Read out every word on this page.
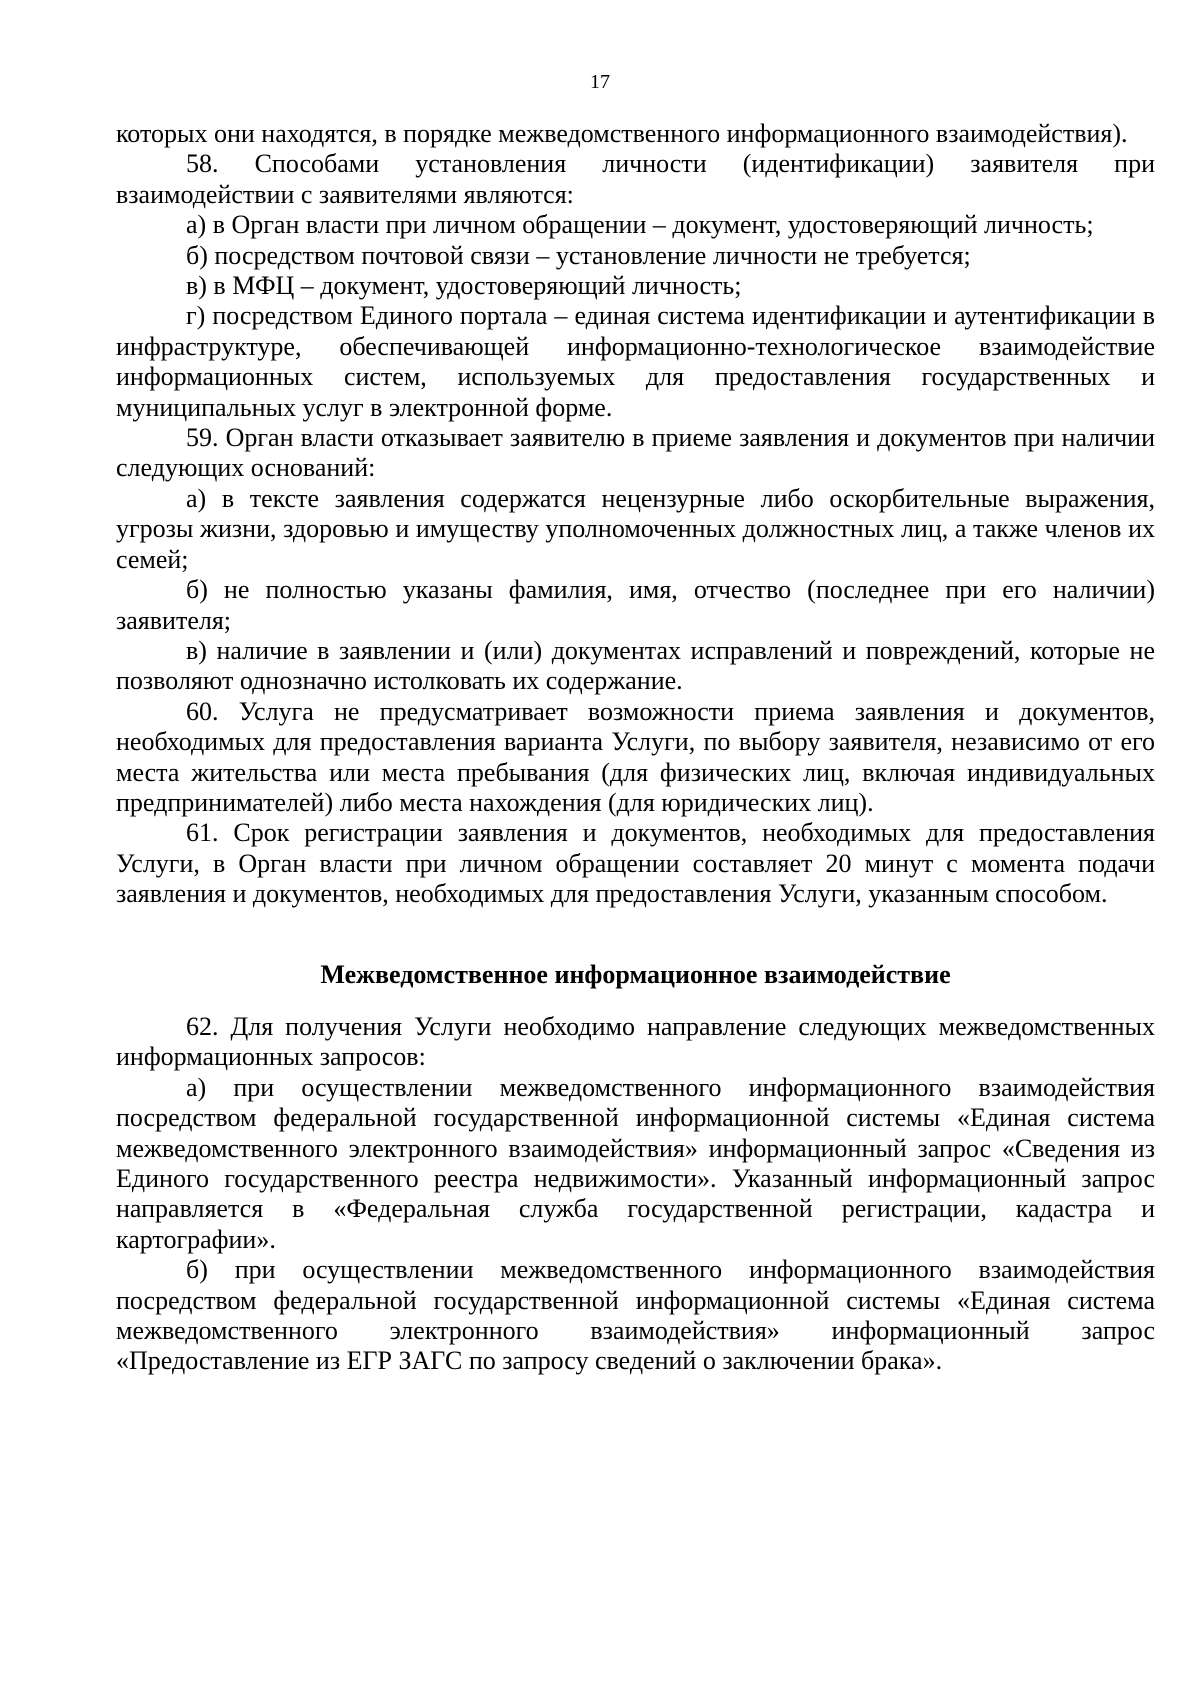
17

которых они находятся, в порядке межведомственного информационного взаимодействия).

58. Способами установления личности (идентификации) заявителя при взаимодействии с заявителями являются:

а) в Орган власти при личном обращении – документ, удостоверяющий личность;

б) посредством почтовой связи – установление личности не требуется;

в) в МФЦ – документ, удостоверяющий личность;

г) посредством Единого портала – единая система идентификации и аутентификации в инфраструктуре, обеспечивающей информационно-технологическое взаимодействие информационных систем, используемых для предоставления государственных и муниципальных услуг в электронной форме.

59. Орган власти отказывает заявителю в приеме заявления и документов при наличии следующих оснований:

а) в тексте заявления содержатся нецензурные либо оскорбительные выражения, угрозы жизни, здоровью и имуществу уполномоченных должностных лиц, а также членов их семей;

б) не полностью указаны фамилия, имя, отчество (последнее при его наличии) заявителя;

в) наличие в заявлении и (или) документах исправлений и повреждений, которые не позволяют однозначно истолковать их содержание.

60. Услуга не предусматривает возможности приема заявления и документов, необходимых для предоставления варианта Услуги, по выбору заявителя, независимо от его места жительства или места пребывания (для физических лиц, включая индивидуальных предпринимателей) либо места нахождения (для юридических лиц).

61. Срок регистрации заявления и документов, необходимых для предоставления Услуги, в Орган власти при личном обращении составляет 20 минут с момента подачи заявления и документов, необходимых для предоставления Услуги, указанным способом.

Межведомственное информационное взаимодействие

62. Для получения Услуги необходимо направление следующих межведомственных информационных запросов:

а) при осуществлении межведомственного информационного взаимодействия посредством федеральной государственной информационной системы «Единая система межведомственного электронного взаимодействия» информационный запрос «Сведения из Единого государственного реестра недвижимости». Указанный информационный запрос направляется в «Федеральная служба государственной регистрации, кадастра и картографии».

б) при осуществлении межведомственного информационного взаимодействия посредством федеральной государственной информационной системы «Единая система межведомственного электронного взаимодействия» информационный запрос «Предоставление из ЕГР ЗАГС по запросу сведений о заключении брака».
